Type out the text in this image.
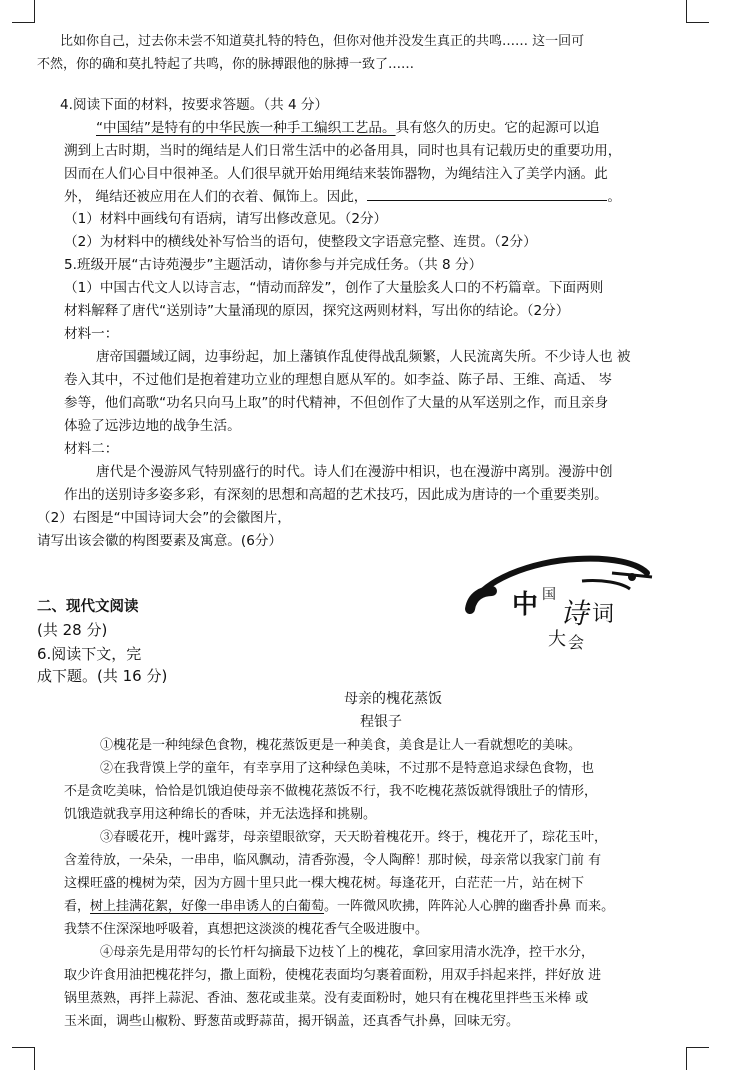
比如你自己，过去你未尝不知道莫扎特的特色，但你对他并没发生真正的共鸣…… 这一回可
不然，你的确和莫扎特起了共鸣，你的脉搏跟他的脉搏一致了……
4.阅读下面的材料，按要求答题。（共 4 分）
“中国结”是特有的中华民族一种手工编织工艺品。具有悠久的历史。它的起源可以追
溯到上古时期，当时的绳结是人们日常生活中的必备用具，同时也具有记载历史的重要功用，
因而在人们心目中很神圣。人们很早就开始用绳结来装饰器物，为绳结注入了美学内涵。此
外， 绳结还被应用在人们的衣着、佩饰上。因此，	。
（1）材料中画线句有语病，请写出修改意见。（2分）
（2）为材料中的横线处补写恰当的语句，使整段文字语意完整、连贯。（2分）
5.班级开展“古诗苑漫步”主题活动，请你参与并完成任务。（共 8 分）
（1）中国古代文人以诗言志，“情动而辞发”，创作了大量脍炙人口的不朽篇章。下面两则
材料解释了唐代“送别诗”大量涌现的原因，探究这两则材料，写出你的结论。（2分）
材料一：
唐帝国疆域辽阔，边事纷起，加上藩镇作乱使得战乱频繁，人民流离失所。不少诗人也 被
卷入其中，不过他们是抱着建功立业的理想自愿从军的。如李益、陈子昂、王维、高适、 岑
参等，他们高歌“功名只向马上取”的时代精神，不但创作了大量的从军送别之作，而且亲身
体验了远涉边地的战争生活。
材料二：
唐代是个漫游风气特别盛行的时代。诗人们在漫游中相识，也在漫游中离别。漫游中创
作出的送别诗多姿多彩，有深刻的思想和高超的艺术技巧，因此成为唐诗的一个重要类别。
（2）右图是“中国诗词大会”的会徽图片，
请写出该会徽的构图要素及寓意。(6分）
中 国
诗 词
大 会
二、现代文阅读
(共 28 分)
6.阅读下文，完
成下题。(共 16 分)
母亲的槐花蒸饭
程银子
①槐花是一种纯绿色食物，槐花蒸饭更是一种美食，美食是让人一看就想吃的美味。
②在我背馍上学的童年，有幸享用了这种绿色美味，不过那不是特意追求绿色食物，也
不是贪吃美味，恰恰是饥饿迫使母亲不做槐花蒸饭不行，我不吃槐花蒸饭就得饿肚子的情形，
饥饿造就我享用这种绵长的香味，并无法选择和挑剔。
③春暖花开，槐叶露芽，母亲望眼欲穿，天天盼着槐花开。终于，槐花开了，琮花玉叶，
含羞待放，一朵朵，一串串，临风飘动，清香弥漫，令人陶醉！那时候，母亲常以我家门前 有
这棵旺盛的槐树为荣，因为方圆十里只此一棵大槐花树。每逢花开，白茫茫一片，站在树下
看，树上挂满花絮，好像一串串诱人的白葡萄。一阵微风吹拂，阵阵沁人心脾的幽香扑鼻 而来。
我禁不住深深地呼吸着，真想把这淡淡的槐花香气全吸进腹中。
④母亲先是用带勾的长竹杆勾摘最下边枝丫上的槐花，拿回家用清水洗净，控干水分，
取少许食用油把槐花拌匀，撒上面粉，使槐花表面均匀裹着面粉，用双手抖起来拌，拌好放 进
锅里蒸熟，再拌上蒜泥、香油、葱花或韭菜。没有麦面粉时，她只有在槐花里拌些玉米棒 或
玉米面，调些山椒粉、野葱苗或野蒜苗，揭开锅盖，还真香气扑鼻，回味无穷。
